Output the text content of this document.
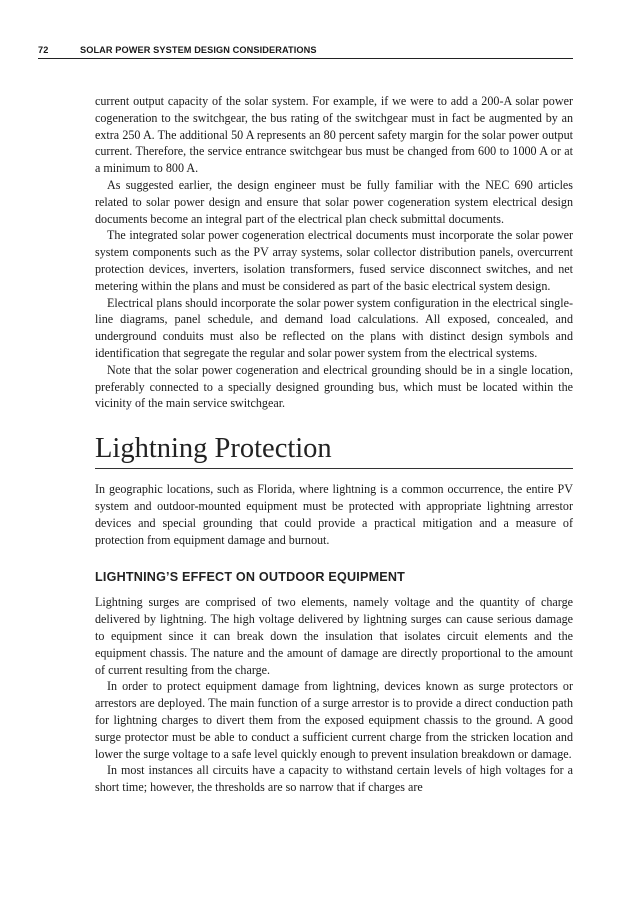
72	SOLAR POWER SYSTEM DESIGN CONSIDERATIONS

current output capacity of the solar system. For example, if we were to add a 200-A solar power cogeneration to the switchgear, the bus rating of the switchgear must in fact be augmented by an extra 250 A. The additional 50 A represents an 80 percent safety margin for the solar power output current. Therefore, the service entrance switchgear bus must be changed from 600 to 1000 A or at a minimum to 800 A.

As suggested earlier, the design engineer must be fully familiar with the NEC 690 articles related to solar power design and ensure that solar power cogeneration system electrical design documents become an integral part of the electrical plan check submittal documents.

The integrated solar power cogeneration electrical documents must incorporate the solar power system components such as the PV array systems, solar collector distribution panels, overcurrent protection devices, inverters, isolation transformers, fused service disconnect switches, and net metering within the plans and must be considered as part of the basic electrical system design.

Electrical plans should incorporate the solar power system configuration in the electrical single-line diagrams, panel schedule, and demand load calculations. All exposed, concealed, and underground conduits must also be reflected on the plans with distinct design symbols and identification that segregate the regular and solar power system from the electrical systems.

Note that the solar power cogeneration and electrical grounding should be in a single location, preferably connected to a specially designed grounding bus, which must be located within the vicinity of the main service switchgear.

Lightning Protection

In geographic locations, such as Florida, where lightning is a common occurrence, the entire PV system and outdoor-mounted equipment must be protected with appropriate lightning arrestor devices and special grounding that could provide a practical mitigation and a measure of protection from equipment damage and burnout.

LIGHTNING’S EFFECT ON OUTDOOR EQUIPMENT

Lightning surges are comprised of two elements, namely voltage and the quantity of charge delivered by lightning. The high voltage delivered by lightning surges can cause serious damage to equipment since it can break down the insulation that isolates circuit elements and the equipment chassis. The nature and the amount of damage are directly proportional to the amount of current resulting from the charge.

In order to protect equipment damage from lightning, devices known as surge protectors or arrestors are deployed. The main function of a surge arrestor is to provide a direct conduction path for lightning charges to divert them from the exposed equipment chassis to the ground. A good surge protector must be able to conduct a sufficient current charge from the stricken location and lower the surge voltage to a safe level quickly enough to prevent insulation breakdown or damage.

In most instances all circuits have a capacity to withstand certain levels of high voltages for a short time; however, the thresholds are so narrow that if charges are
